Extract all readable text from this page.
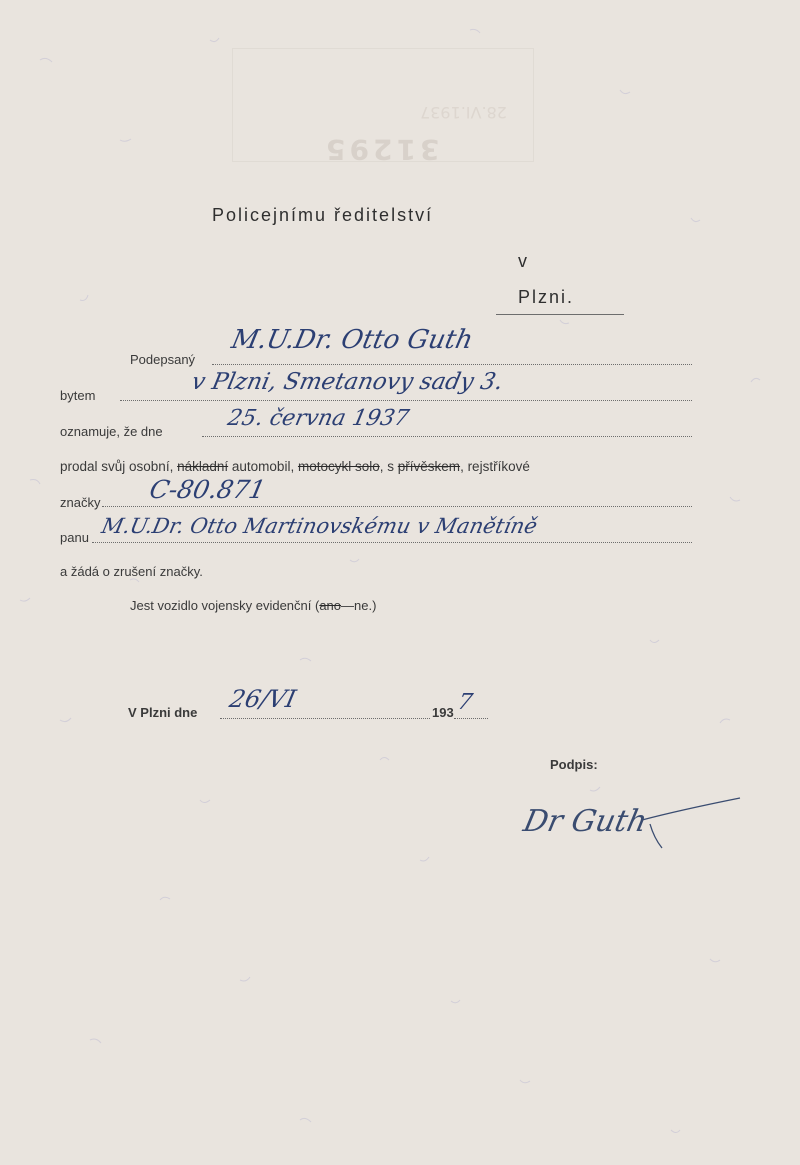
31295
28.VI.1937
Policejnímu ředitelství
v
Plzni.
Podepsaný
M.U.Dr. Otto Guth
bytem
v Plzni, Smetanovy sady 3.
oznamuje, že dne
25. června 1937
prodal svůj osobní, nákladní automobil, motocykl solo, s přívěskem, rejstříkové
značky C-80.871
panu M.U.Dr. Otto Martinovskému v Manětíně
a žádá o zrušení značky.
Jest vozidlo vojensky evidenční (ano—ne.)
V Plzni dne 26/VI	193 7
Podpis:
Dr Guth
